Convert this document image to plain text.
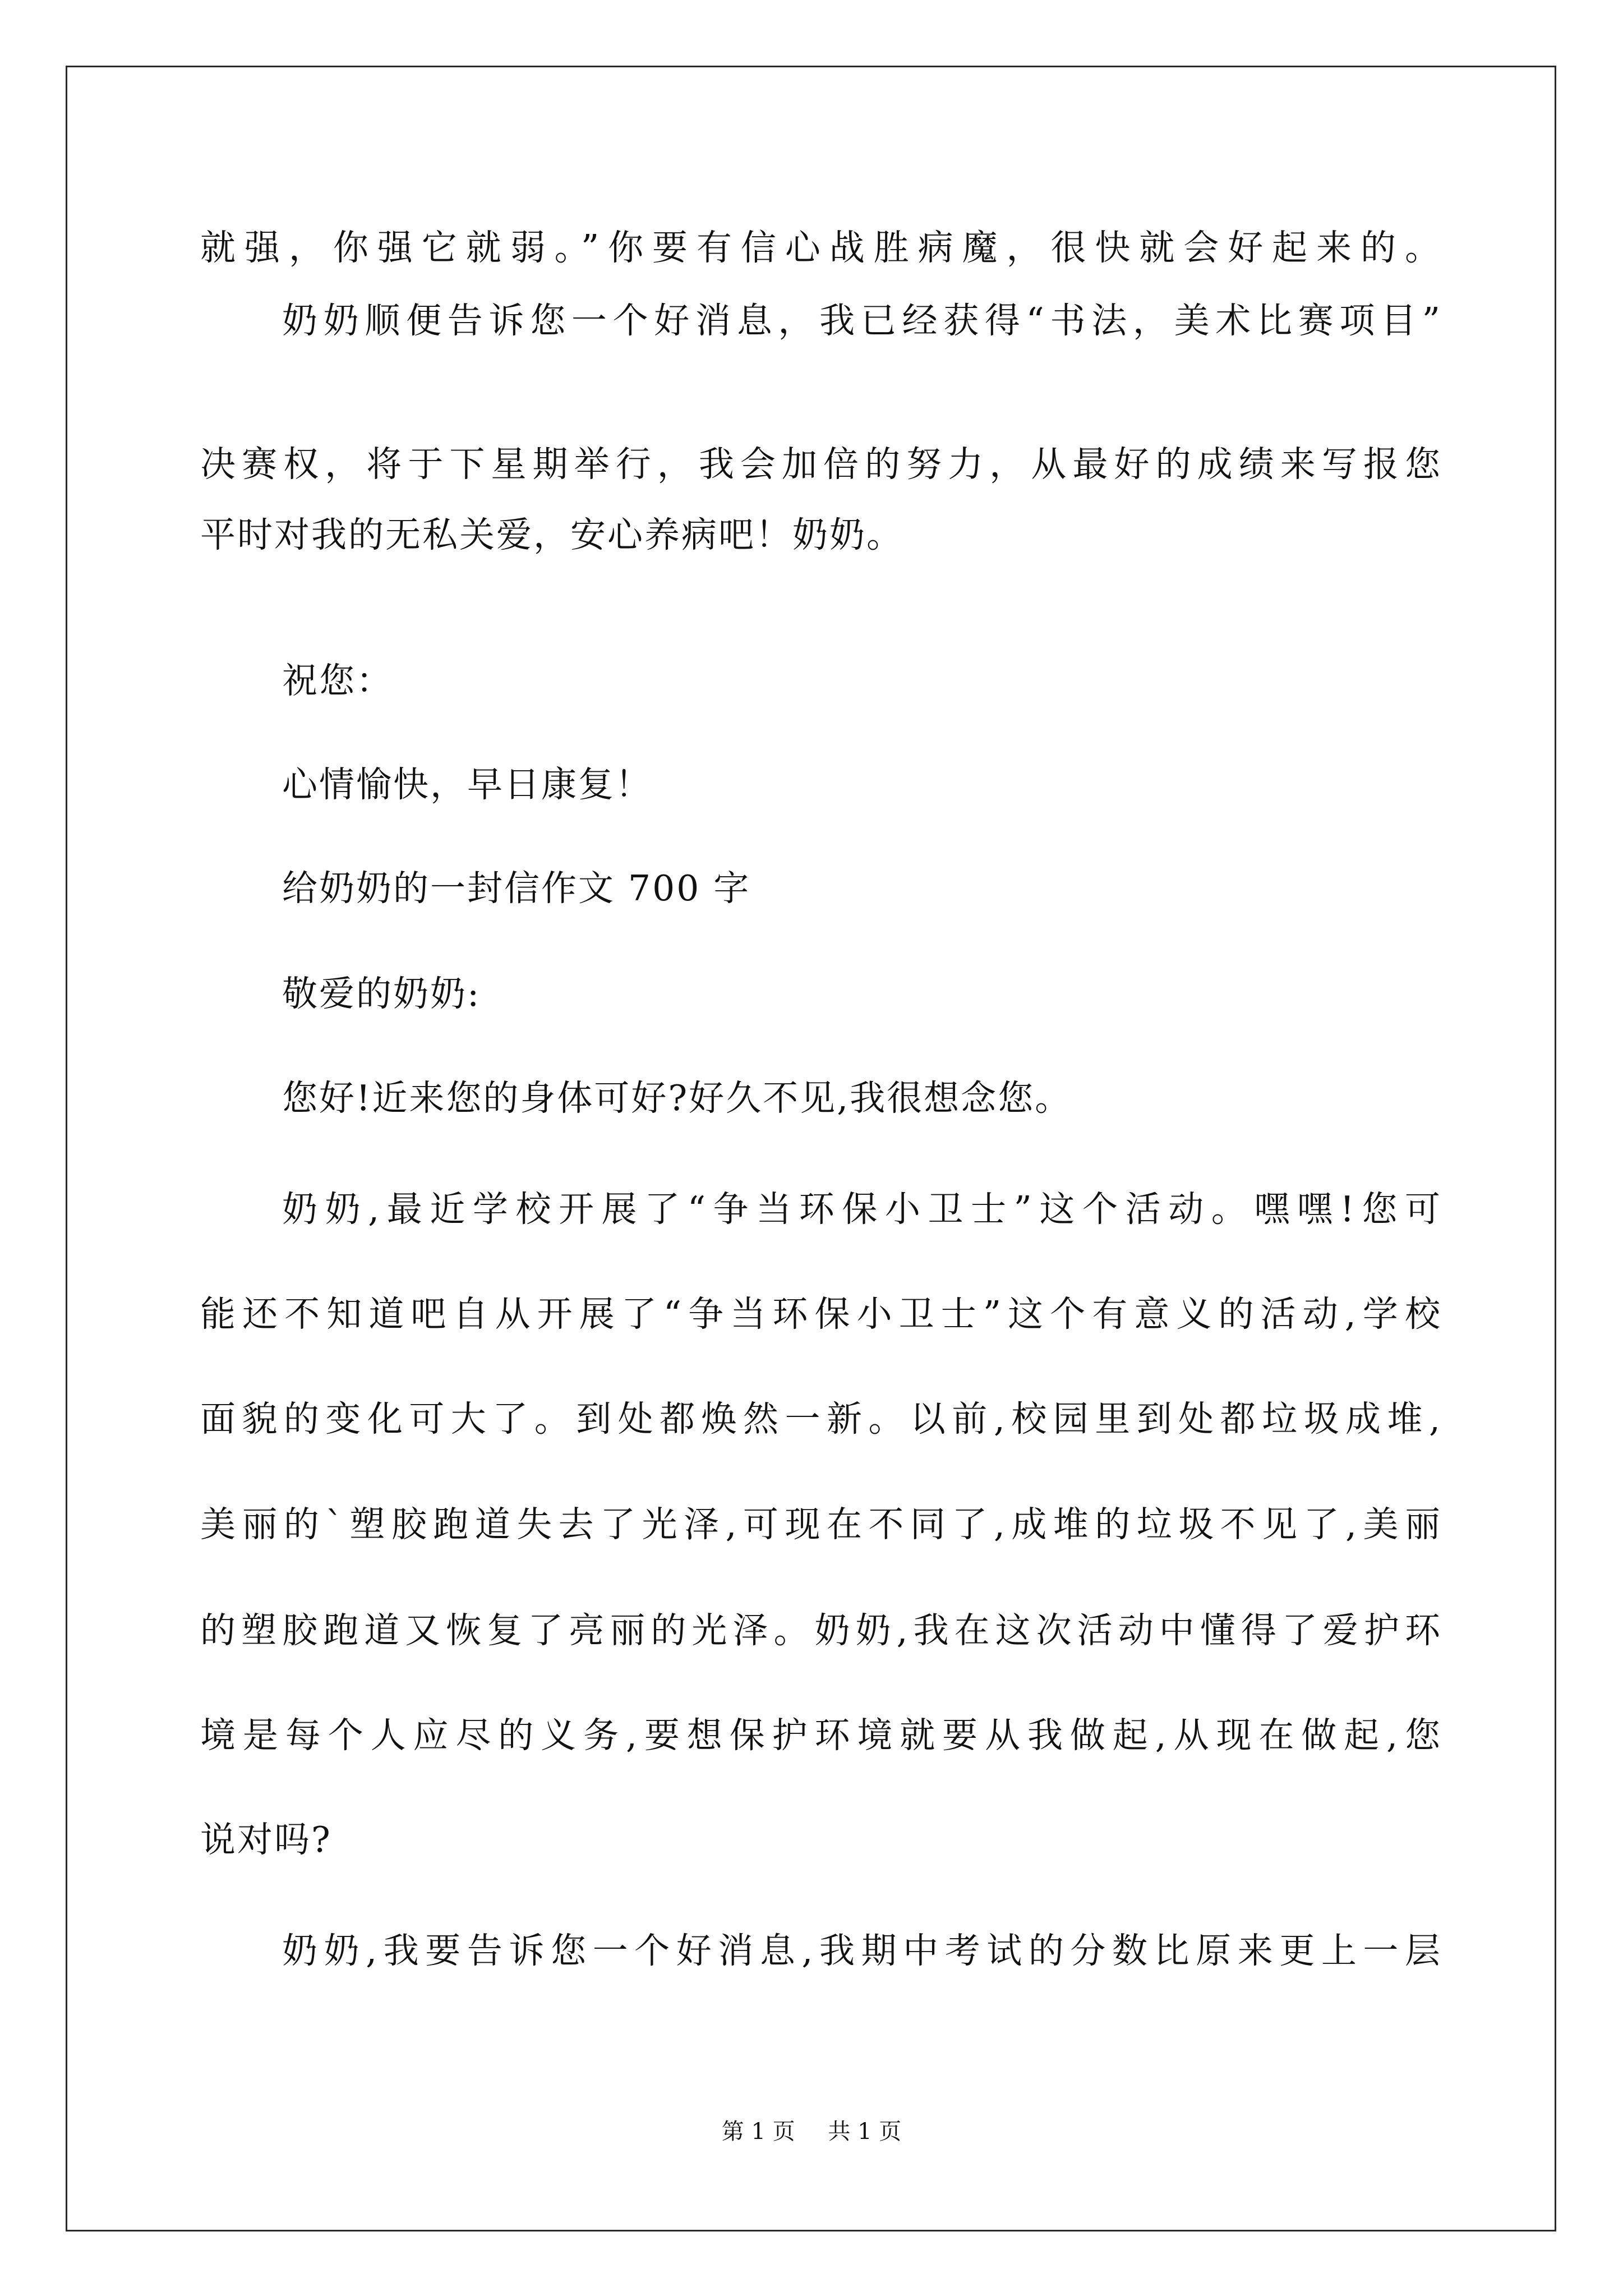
就强，你强它就弱。”你要有信心战胜病魔，很快就会好起来的。
奶奶顺便告诉您一个好消息，我已经获得“书法，美术比赛项目”
决赛权，将于下星期举行，我会加倍的努力，从最好的成绩来写报您
平时对我的无私关爱，安心养病吧！奶奶。
祝您：
心情愉快，早日康复！
给奶奶的一封信作文 700 字
敬爱的奶奶:
您好!近来您的身体可好?好久不见,我很想念您。
奶奶,最近学校开展了“争当环保小卫士”这个活动。嘿嘿!您可
能还不知道吧自从开展了“争当环保小卫士”这个有意义的活动,学校
面貌的变化可大了。到处都焕然一新。以前,校园里到处都垃圾成堆,
美丽的`塑胶跑道失去了光泽,可现在不同了,成堆的垃圾不见了,美丽
的塑胶跑道又恢复了亮丽的光泽。奶奶,我在这次活动中懂得了爱护环
境是每个人应尽的义务,要想保护环境就要从我做起,从现在做起,您
说对吗?
奶奶,我要告诉您一个好消息,我期中考试的分数比原来更上一层
第 1 页 共 1 页
